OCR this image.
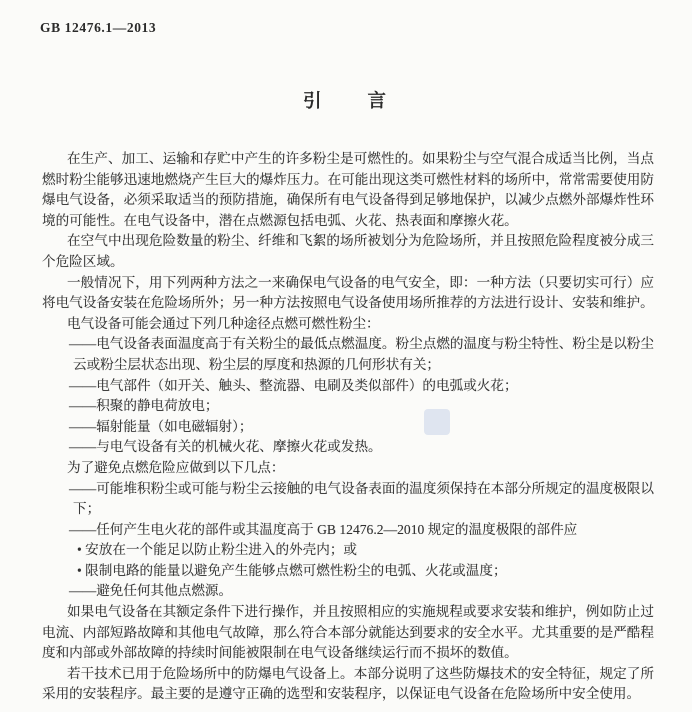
GB 12476.1—2013
引　　言
在生产、加工、运输和存贮中产生的许多粉尘是可燃性的。如果粉尘与空气混合成适当比例，当点燃时粉尘能够迅速地燃烧产生巨大的爆炸压力。在可能出现这类可燃性材料的场所中，常常需要使用防爆电气设备，必须采取适当的预防措施，确保所有电气设备得到足够地保护，以减少点燃外部爆炸性环境的可能性。在电气设备中，潜在点燃源包括电弧、火花、热表面和摩擦火花。
在空气中出现危险数量的粉尘、纤维和飞絮的场所被划分为危险场所，并且按照危险程度被分成三个危险区域。
一般情况下，用下列两种方法之一来确保电气设备的电气安全，即：一种方法（只要切实可行）应将电气设备安装在危险场所外；另一种方法按照电气设备使用场所推荐的方法进行设计、安装和维护。
电气设备可能会通过下列几种途径点燃可燃性粉尘：
——电气设备表面温度高于有关粉尘的最低点燃温度。粉尘点燃的温度与粉尘特性、粉尘是以粉尘云或粉尘层状态出现、粉尘层的厚度和热源的几何形状有关；
——电气部件（如开关、触头、整流器、电刷及类似部件）的电弧或火花；
——积聚的静电荷放电；
——辐射能量（如电磁辐射）；
——与电气设备有关的机械火花、摩擦火花或发热。
为了避免点燃危险应做到以下几点：
——可能堆积粉尘或可能与粉尘云接触的电气设备表面的温度须保持在本部分所规定的温度极限以下；
——任何产生电火花的部件或其温度高于 GB 12476.2—2010 规定的温度极限的部件应
• 安放在一个能足以防止粉尘进入的外壳内；或
• 限制电路的能量以避免产生能够点燃可燃性粉尘的电弧、火花或温度；
——避免任何其他点燃源。
如果电气设备在其额定条件下进行操作，并且按照相应的实施规程或要求安装和维护，例如防止过电流、内部短路故障和其他电气故障，那么符合本部分就能达到要求的安全水平。尤其重要的是严酷程度和内部或外部故障的持续时间能被限制在电气设备继续运行而不损坏的数值。
若干技术已用于危险场所中的防爆电气设备上。本部分说明了这些防爆技术的安全特征，规定了所采用的安装程序。最主要的是遵守正确的选型和安装程序，以保证电气设备在危险场所中安全使用。
